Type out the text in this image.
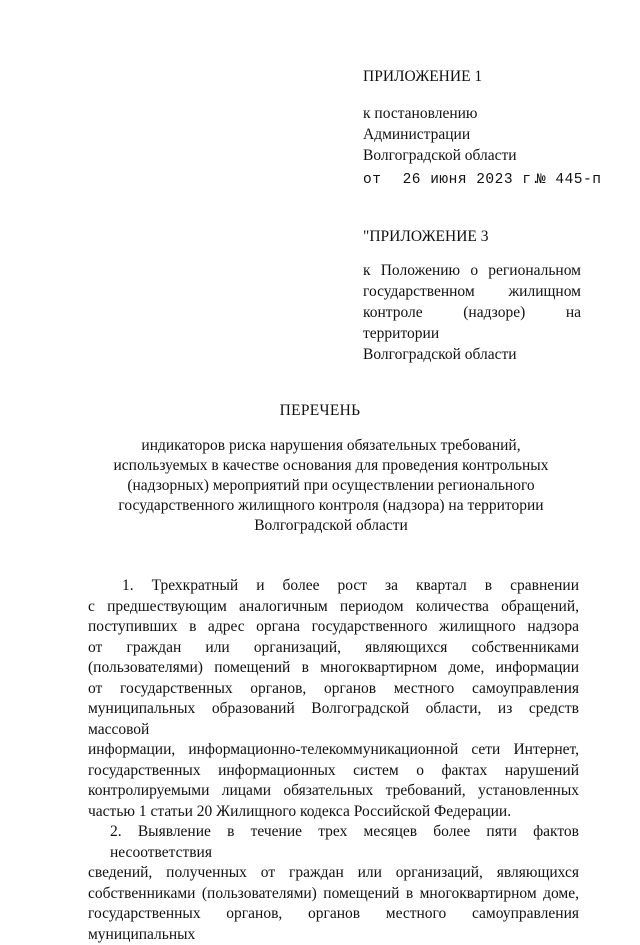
ПРИЛОЖЕНИЕ 1
к постановлению
Администрации
Волгоградской области
от 26 июня 2023 г.
№ 445-п
"ПРИЛОЖЕНИЕ 3
к Положению о региональном
государственном жилищном
контроле (надзоре) на территории
Волгоградской области
ПЕРЕЧЕНЬ
индикаторов риска нарушения обязательных требований,
используемых в качестве основания для проведения контрольных
(надзорных) мероприятий при осуществлении регионального
государственного жилищного контроля (надзора) на территории
Волгоградской области
1. Трехкратный и более рост за квартал в сравнении
с предшествующим аналогичным периодом количества обращений,
поступивших в адрес органа государственного жилищного надзора
от граждан или организаций, являющихся собственниками
(пользователями) помещений в многоквартирном доме, информации
от государственных органов, органов местного самоуправления
муниципальных образований Волгоградской области, из средств массовой
информации, информационно-телекоммуникационной сети Интернет,
государственных информационных систем о фактах нарушений
контролируемыми лицами обязательных требований, установленных
частью 1 статьи 20 Жилищного кодекса Российской Федерации.
2. Выявление в течение трех месяцев более пяти фактов несоответствия
сведений, полученных от граждан или организаций, являющихся
собственниками (пользователями) помещений в многоквартирном доме,
государственных органов, органов местного самоуправления муниципальных
